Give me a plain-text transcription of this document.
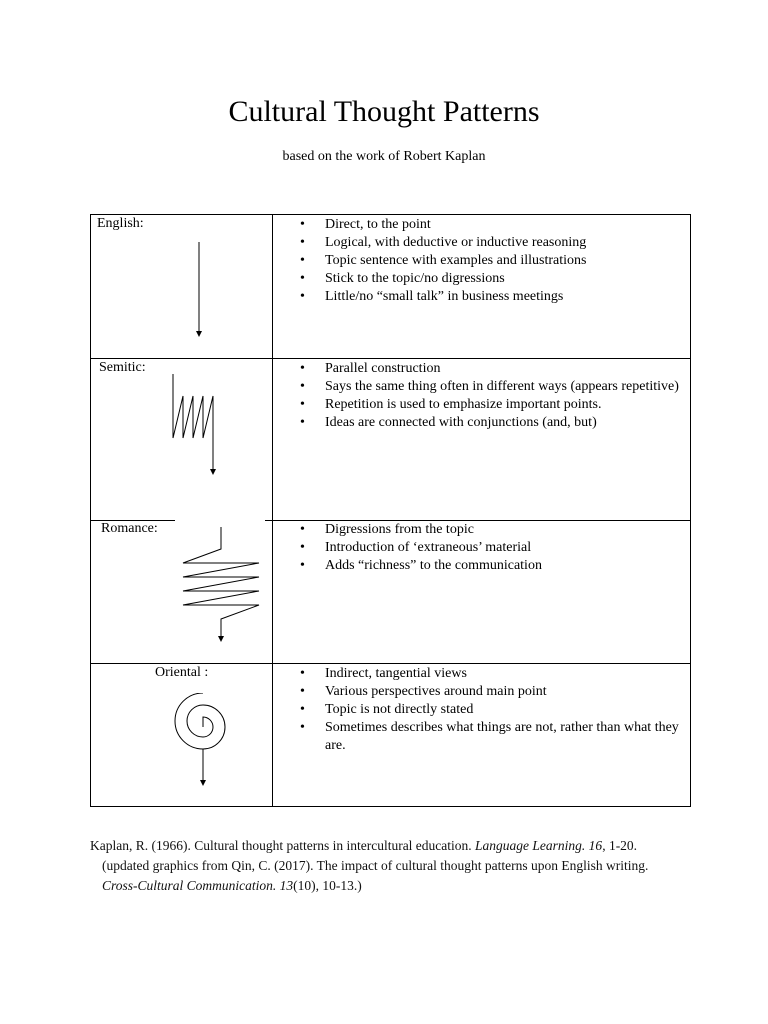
Cultural Thought Patterns
based on the work of Robert Kaplan
English:	• Direct, to the point
• Logical, with deductive or inductive reasoning
• Topic sentence with examples and illustrations
• Stick to the topic/no digressions
• Little/no “small talk” in business meetings
Semitic:	• Parallel construction
• Says the same thing often in different ways (appears repetitive)
• Repetition is used to emphasize important points.
• Ideas are connected with conjunctions (and, but)
Romance:	• Digressions from the topic
• Introduction of ‘extraneous’ material
• Adds “richness” to the communication
Oriental :	• Indirect, tangential views
• Various perspectives around main point
• Topic is not directly stated
• Sometimes describes what things are not, rather than what they are.
Kaplan, R. (1966). Cultural thought patterns in intercultural education. Language Learning. 16, 1-20.
(updated graphics from Qin, C. (2017). The impact of cultural thought patterns upon English writing.
Cross-Cultural Communication. 13(10), 10-13.)
